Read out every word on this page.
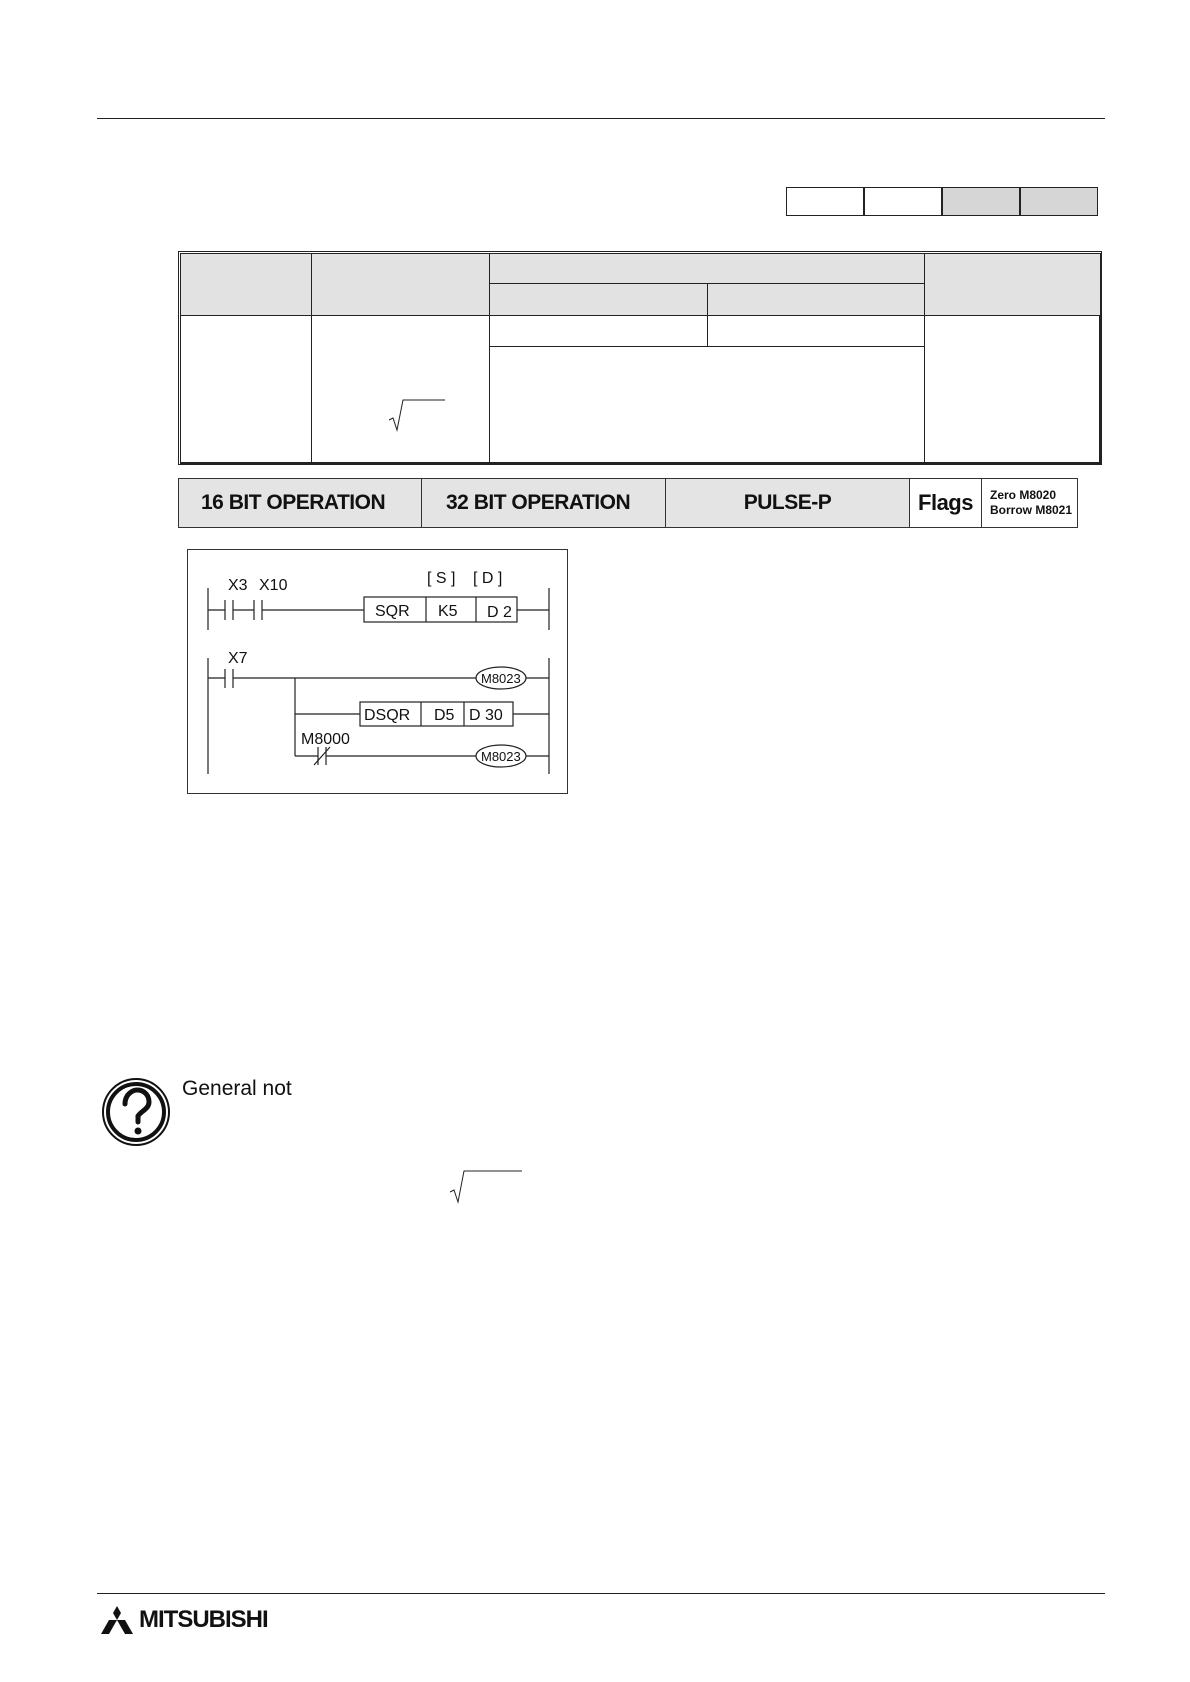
16 BIT OPERATION	32 BIT OPERATION	PULSE-P	Flags	Zero M8020
Borrow M8021
X3 X10	[ S ] [ D ]
SQR K5 D 2
X7
DSQR D5 D 30
M8000
M8023
M8023
General not
MITSUBISHI
